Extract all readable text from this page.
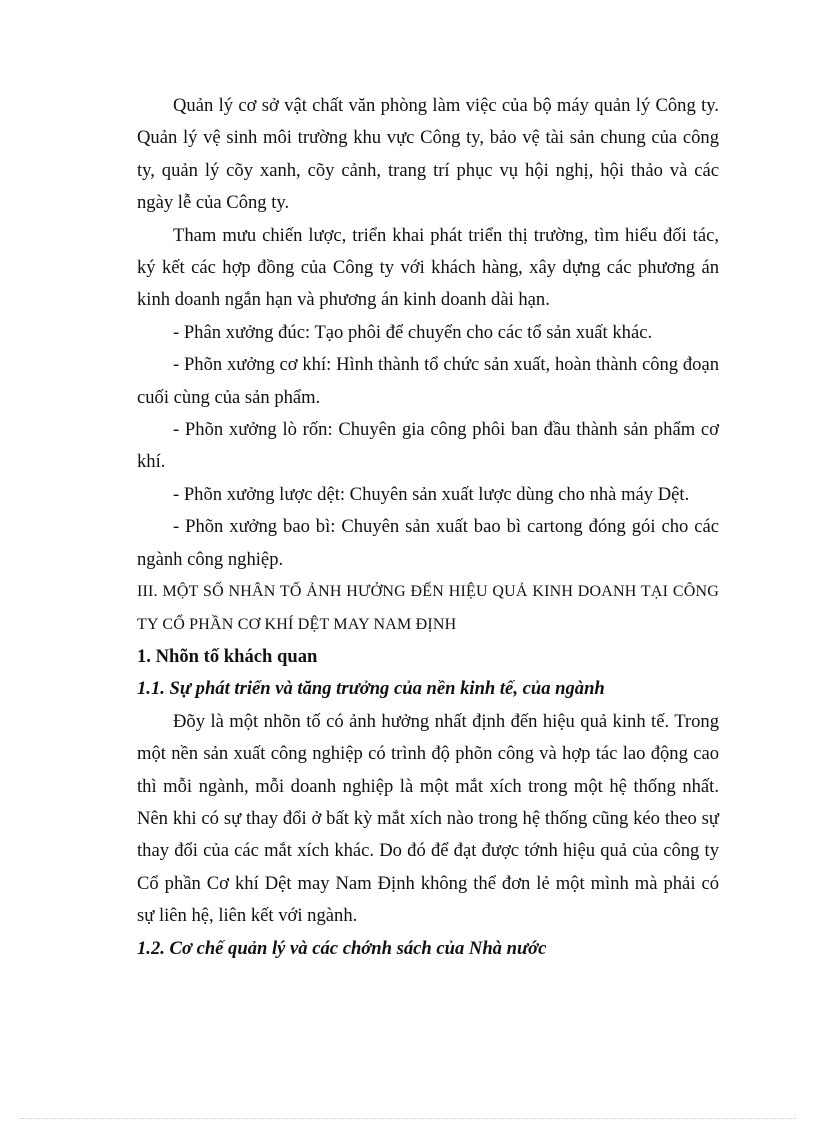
Quản lý cơ sở vật chất văn phòng làm việc của bộ máy quản lý Công ty. Quản lý vệ sinh môi trường khu vực Công ty, bảo vệ tài sản chung của công ty, quản lý cõy xanh, cõy cảnh, trang trí phục vụ hội nghị, hội thảo và các ngày lễ của Công ty.

Tham mưu chiến lược, triển khai phát triển thị trường, tìm hiểu đối tác, ký kết các hợp đồng của Công ty với khách hàng, xây dựng các phương án kinh doanh ngắn hạn và phương án kinh doanh dài hạn.

- Phân xưởng đúc: Tạo phôi để chuyển cho các tổ sản xuất khác.

- Phõn xưởng cơ khí: Hình thành tổ chức sản xuất, hoàn thành công đoạn cuối cùng của sản phẩm.

- Phõn xưởng lò rốn: Chuyên gia công phôi ban đầu thành sản phẩm cơ khí.

- Phõn xưởng lược dệt: Chuyên sản xuất lược dùng cho nhà máy Dệt.

- Phõn xưởng bao bì: Chuyên sản xuất bao bì cartong đóng gói cho các ngành công nghiệp.

III. MỘT SỐ NHÂN TỐ ẢNH HƯỞNG ĐẾN HIỆU QUẢ KINH DOANH TẠI CÔNG TY CỔ PHẦN CƠ KHÍ DỆT MAY NAM ĐỊNH

1. Nhõn tố khách quan

1.1. Sự phát triển và tăng trưởng của nền kinh tế, của ngành

Đõy là một nhõn tố có ảnh hưởng nhất định đến hiệu quả kinh tế. Trong một nền sản xuất công nghiệp có trình độ phõn công và hợp tác lao động cao thì mỗi ngành, mỗi doanh nghiệp là một mắt xích trong một hệ thống nhất. Nên khi có sự thay đổi ở bất kỳ mắt xích nào trong hệ thống cũng kéo theo sự thay đổi của các mắt xích khác. Do đó để đạt được tớnh hiệu quả của công ty Cổ phần Cơ khí Dệt may Nam Định không thể đơn lẻ một mình mà phải có sự liên hệ, liên kết với ngành.

1.2. Cơ chế quản lý và các chớnh sách của Nhà nước
